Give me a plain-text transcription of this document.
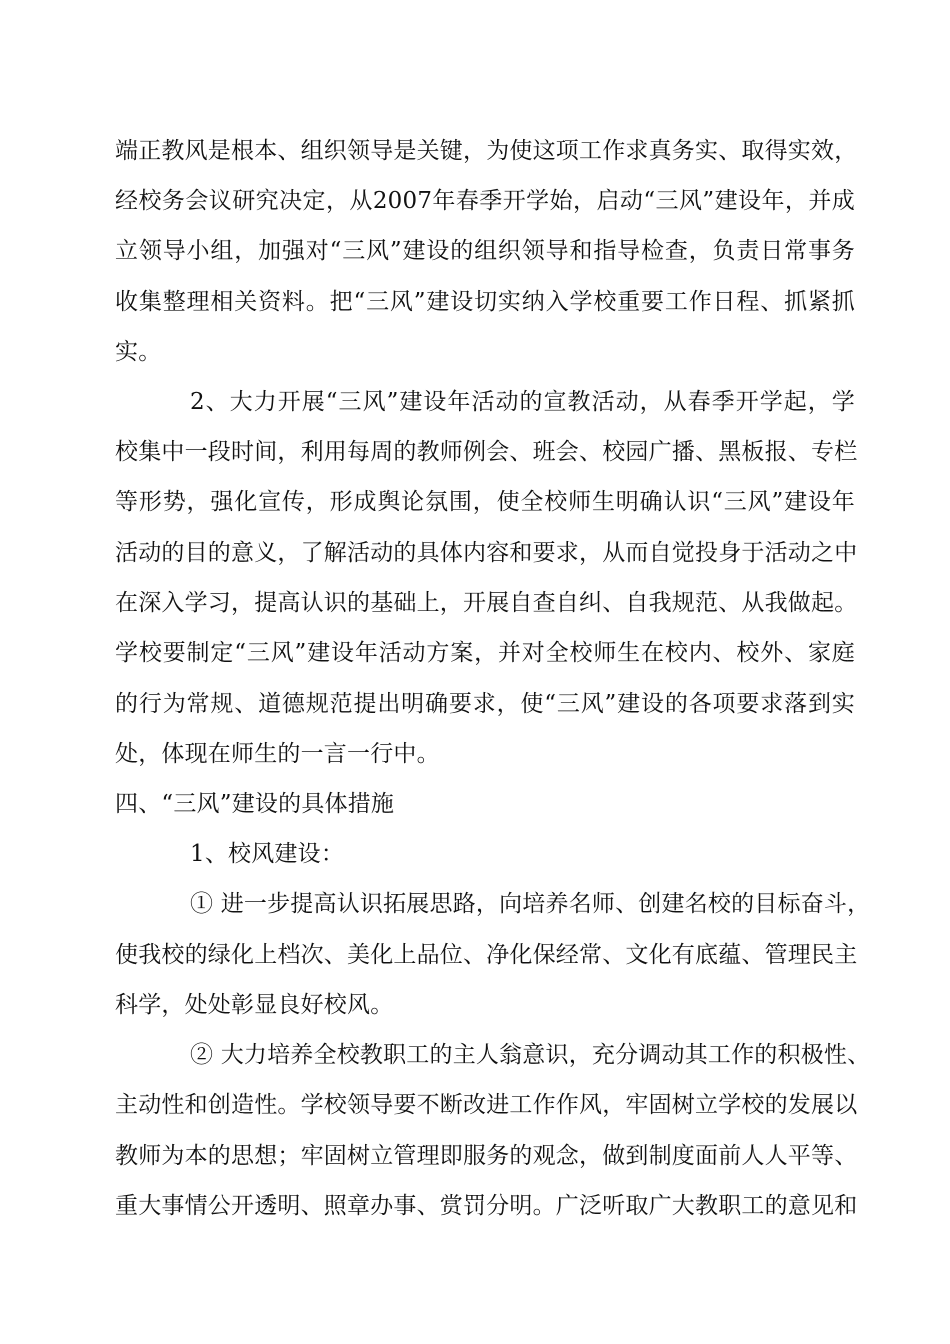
端正教风是根本、组织领导是关键，为使这项工作求真务实、取得实效，
经校务会议研究决定，从2007年春季开学始，启动“三风”建设年，并成
立领导小组，加强对“三风”建设的组织领导和指导检查，负责日常事务
收集整理相关资料。把“三风”建设切实纳入学校重要工作日程、抓紧抓
实。
2、大力开展“三风”建设年活动的宣教活动，从春季开学起，学
校集中一段时间，利用每周的教师例会、班会、校园广播、黑板报、专栏
等形势，强化宣传，形成舆论氛围，使全校师生明确认识“三风”建设年
活动的目的意义，了解活动的具体内容和要求，从而自觉投身于活动之中
在深入学习，提高认识的基础上，开展自查自纠、自我规范、从我做起。
学校要制定“三风”建设年活动方案，并对全校师生在校内、校外、家庭
的行为常规、道德规范提出明确要求，使“三风”建设的各项要求落到实
处，体现在师生的一言一行中。
四、“三风”建设的具体措施
1、校风建设：
① 进一步提高认识拓展思路，向培养名师、创建名校的目标奋斗，
使我校的绿化上档次、美化上品位、净化保经常、文化有底蕴、管理民主
科学，处处彰显良好校风。
② 大力培养全校教职工的主人翁意识，充分调动其工作的积极性、
主动性和创造性。学校领导要不断改进工作作风，牢固树立学校的发展以
教师为本的思想；牢固树立管理即服务的观念，做到制度面前人人平等、
重大事情公开透明、照章办事、赏罚分明。广泛听取广大教职工的意见和
